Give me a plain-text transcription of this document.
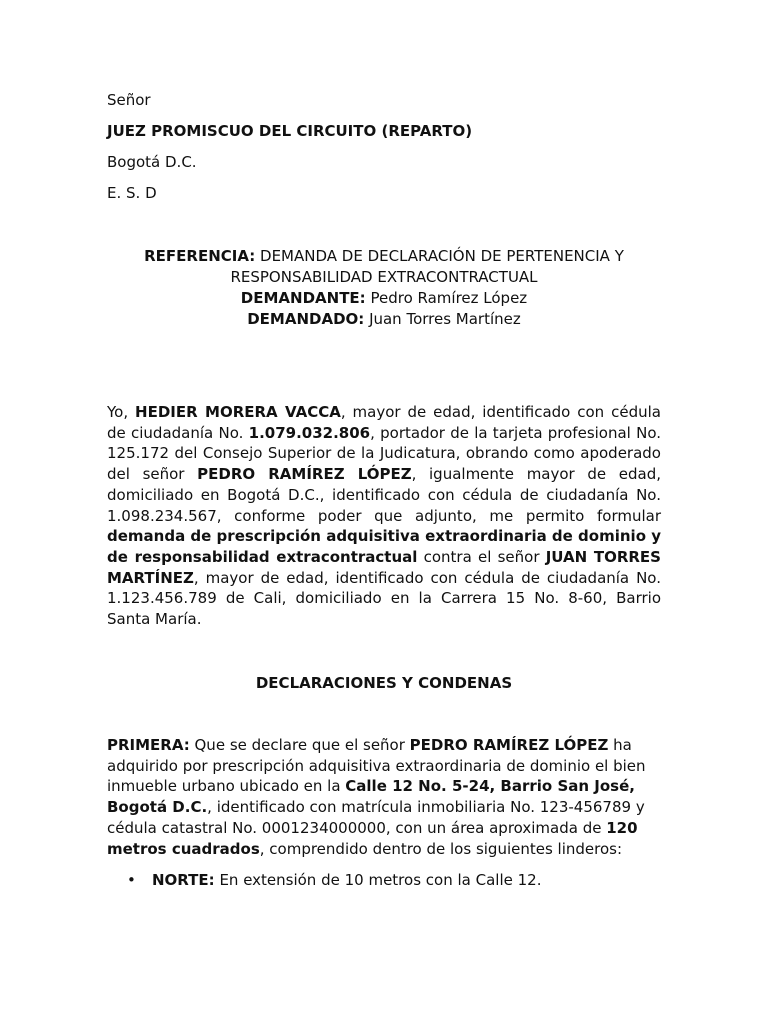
Señor
JUEZ PROMISCUO DEL CIRCUITO (REPARTO)
Bogotá D.C.
E. S. D
REFERENCIA: DEMANDA DE DECLARACIÓN DE PERTENENCIA Y
RESPONSABILIDAD EXTRACONTRACTUAL
DEMANDANTE: Pedro Ramírez López
DEMANDADO: Juan Torres Martínez
Yo, HEDIER MORERA VACCA, mayor de edad, identificado con cédula de ciudadanía No. 1.079.032.806, portador de la tarjeta profesional No. 125.172 del Consejo Superior de la Judicatura, obrando como apoderado del señor PEDRO RAMÍREZ LÓPEZ, igualmente mayor de edad, domiciliado en Bogotá D.C., identificado con cédula de ciudadanía No. 1.098.234.567, conforme poder que adjunto, me permito formular demanda de prescripción adquisitiva extraordinaria de dominio y de responsabilidad extracontractual contra el señor JUAN TORRES MARTÍNEZ, mayor de edad, identificado con cédula de ciudadanía No. 1.123.456.789 de Cali, domiciliado en la Carrera 15 No. 8-60, Barrio Santa María.
DECLARACIONES Y CONDENAS
PRIMERA: Que se declare que el señor PEDRO RAMÍREZ LÓPEZ ha adquirido por prescripción adquisitiva extraordinaria de dominio el bien inmueble urbano ubicado en la Calle 12 No. 5-24, Barrio San José, Bogotá D.C., identificado con matrícula inmobiliaria No. 123-456789 y cédula catastral No. 0001234000000, con un área aproximada de 120 metros cuadrados, comprendido dentro de los siguientes linderos:
• NORTE: En extensión de 10 metros con la Calle 12.
